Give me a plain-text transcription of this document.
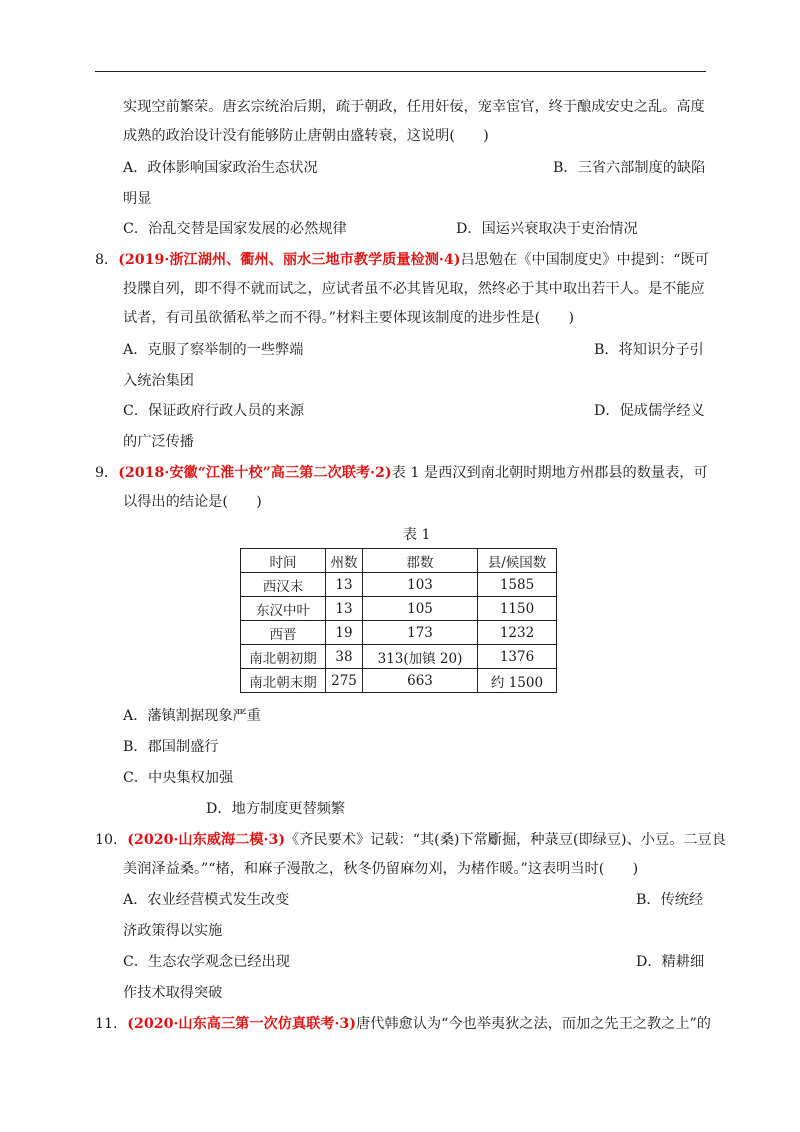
实现空前繁荣。唐玄宗统治后期，疏于朝政，任用奸佞，宠幸宦官，终于酿成安史之乱。高度
成熟的政治设计没有能够防止唐朝由盛转衰，这说明(　　)
A．政体影响国家政治生态状况	B．三省六部制度的缺陷
明显
C．治乱交替是国家发展的必然规律	D．国运兴衰取决于吏治情况
8．(2019·浙江湖州、衢州、丽水三地市教学质量检测·4)吕思勉在《中国制度史》中提到：“既可
投牒自列，即不得不就而试之，应试者虽不必其皆见取，然终必于其中取出若干人。是不能应
试者，有司虽欲循私举之而不得。”材料主要体现该制度的进步性是(　　)
A．克服了察举制的一些弊端	B．将知识分子引
入统治集团
C．保证政府行政人员的来源	D．促成儒学经义
的广泛传播
9．(2018·安徽“江淮十校”高三第二次联考·2)表 1 是西汉到南北朝时期地方州郡县的数量表，可
以得出的结论是(　　)
表 1
时间	州数	郡数	县/候国数
西汉末	13	103	1585
东汉中叶	13	105	1150
西晋	19	173	1232
南北朝初期	38	313(加镇 20)	1376
南北朝末期	275	663	约 1500
A．藩镇割据现象严重
B．郡国制盛行
C．中央集权加强
D．地方制度更替频繁
10．(2020·山东威海二模·3)《齐民要术》记载：“其(桑)下常斸掘，种菉豆(即绿豆)、小豆。二豆良
美润泽益桑。”“楮，和麻子漫散之，秋冬仍留麻勿刈，为楮作暖。”这表明当时(　　)
A．农业经营模式发生改变	B．传统经
济政策得以实施
C．生态农学观念已经出现	D．精耕细
作技术取得突破
11．(2020·山东高三第一次仿真联考·3)唐代韩愈认为“今也举夷狄之法，而加之先王之教之上”的
